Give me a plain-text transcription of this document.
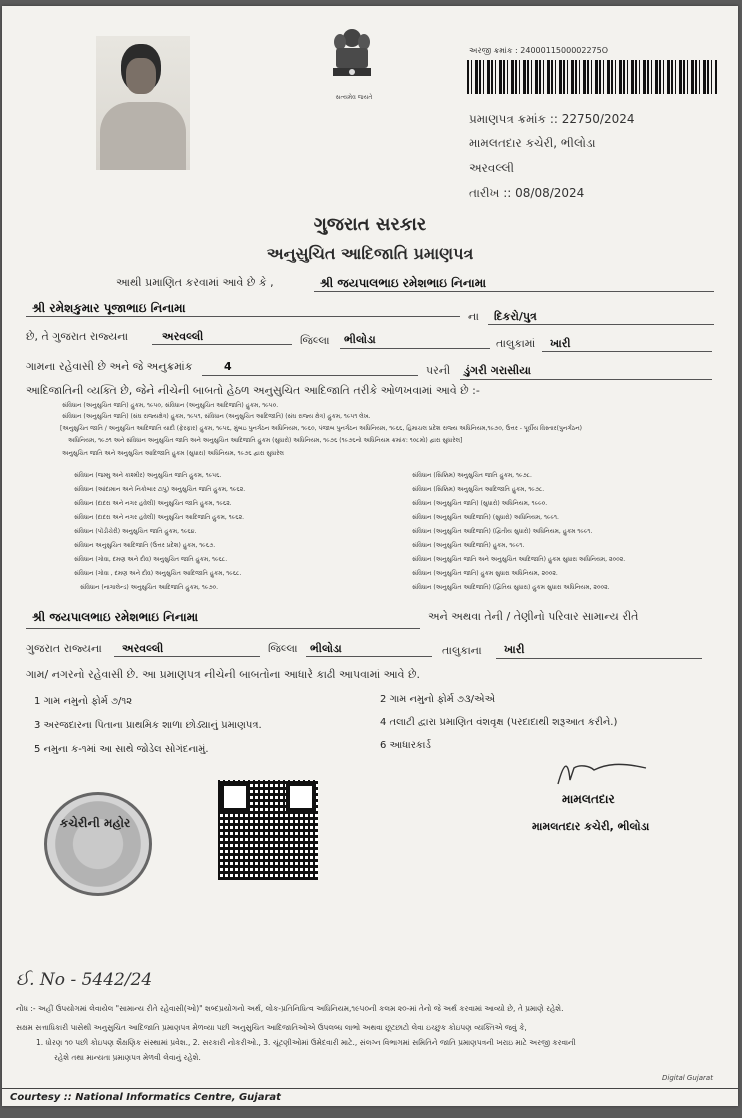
સત્યમેવ જયતે
અરજી ક્રમાંક : 2400011500002275O
પ્રમાણપત્ર ક્રમાંક :: 22750/2024
મામલતદાર કચેરી, ભીલોડા
અરવલ્લી
તારીખ :: 08/08/2024
ગુજરાત સરકાર
અનુસુચિત આદિજાતિ પ્રમાણપત્ર
આથી પ્રમાણિત કરવામાં આવે છે કે ,	શ્રી જયપાલભાઇ રમેશભાઇ નિનામા
શ્રી રમેશકુમાર પૂજાભાઇ નિનામા
ના દિકરો/પુત્ર
છે, તે ગુજરાત રાજ્યના	અરવલ્લી	જિલ્લા ભીલોડા	તાલુકામાં ખારી
ગામના રહેવાસી છે અને જે અનુક્રમાંક	4	પરની ડુંગરી ગરાસીયા
આદિજાતિની વ્યક્તિ છે, જેને નીચેની બાબતો હેઠળ અનુસુચિત આદિજાતિ તરીકે ઓળખવામાં આવે છે :-
સંવિધાન (અનુસુચિત જાતિ) હુકમ, ૧૯૫૦, સંવિધાન (અનુસુચિત આદિજાતિ) હુકમ, ૧૯૫૦.
સંવિધાન (અનુસુચિત જાતિ) (સંઘ રાજ્યક્ષેત્ર) હુકમ, ૧૯૫૧, સંવિધાન (અનુસુચિત આદિજાતિ) (સંઘ રાજ્ય ક્ષેત્ર) હુકમ, ૧૯૫૧ લેખ.
[અનુસુચિત જાતિ / અનુસુચિત આદિજાતિ યાદી (ફેરફાર) હુકમ, ૧૯૫૬, મુંબઇ પુનર્ગઠન અધિનિયમ, ૧૯૬૦, પંજાબ પુનર્ગઠન અધિનિયમ, ૧૯૬૬, હિમાચલ પ્રદેશ રાજ્ય અધિનિયમ,૧૯૭૦, ઉત્તર - પૂર્વીય વિસ્તાર(પુનર્ગઠન)
અધિનિયમ, ૧૯૭૧ અને સંવિધાન અનુસુચિત જાતિ અને અનુસુચિત આદિજાતિ હુકમ (સુધારો) અધિનિયમ, ૧૯૭૬ (૧૯૭૬નો અધિનિયમ ક્રમાંક: ૧૦૮મો) દ્વારા સુધારેલ]
અનુસુચિત જાતિ અને અનુસુચિત આદિજાતિ હુકમ (સુધારા) અધિનિયમ, ૧૯૭૬ દ્વારા સુધારેલ
સંવિધાન (જમ્મુ અને કાશ્મીર) અનુસુચિત જાતિ હુકમ, ૧૯૫૬.
સંવિધાન (આંદામાન અને નિકોબાર ટાપુ) અનુસુચિત જાતિ હુકમ, ૧૯૬૨.
સંવિધાન (દાદરા અને નગર હવેલી) અનુસુચિત જાતિ હુકમ, ૧૯૬૨.
સંવિધાન (દાદરા અને નગર હવેલી) અનુસુચિત આદિજાતિ હુકમ, ૧૯૬૨.
સંવિધાન (પોંડીચેરી) અનુસુચિત જાતિ હુકમ, ૧૯૬૪.
સંવિધાન અનુસુચિત આદિજાતિ (ઉત્તર પ્રદેશ) હુકમ, ૧૯૬૭.
સંવિધાન (ગોવા, દમણ અને દીવ) અનુસુચિત જાતિ હુકમ, ૧૯૬૮.
સંવિધાન (ગોવા , દમણ અને દીવ) અનુસુચિત આદિજાતિ હુકમ, ૧૯૬૮.
સંવિધાન (નાગાલેન્ડ) અનુસુચિત આદિજાતિ હુકમ, ૧૯૭૦.
સંવિધાન (સિક્કિમ) અનુસુચિત જાતિ હુકમ, ૧૯૭૮.
સંવિધાન (સિક્કિમ) અનુસુચિત આદિજાતિ હુકમ, ૧૯૭૮.
સંવિધાન (અનુસુચિત જાતિ) (સુધારો) અધિનિયમ, ૧૯૯૦.
સંવિધાન (અનુસુચિત આદિજાતિ) (સુધારો) અધિનિયમ, ૧૯૯૧.
સંવિધાન (અનુસુચિત આદિજાતિ) (દ્વિતીય સુધારો) અધિનિયમ, હુકમ ૧૯૯૧.
સંવિધાન (અનુસુચિત આદિજાતિ) હુકમ, ૧૯૯૧.
સંવિધાન (અનુસુચિત જાતિ અને અનુસુચિત આદિજાતિ) હુકમ સુધારા અધિનિયમ, ૨૦૦૨.
સંવિધાન (અનુસુચિત જાતિ) હુકમ સુધારા અધિનિયમ, ૨૦૦૨.
સંવિધાન (અનુસુચિત આદિજાતિ) (દ્વિતિય સુધારા) હુકમ સુધારા અધિનિયમ, ૨૦૦૨.
શ્રી જયપાલભાઇ રમેશભાઇ નિનામા	અને અથવા તેની / તેણીનો પરિવાર સામાન્ય રીતે
ગુજરાત રાજ્યના અરવલ્લી	જિલ્લા ભીલોડા	તાલુકાના ખારી
ગામ/ નગરનો રહેવાસી છે. આ પ્રમાણપત્ર નીચેની બાબતોના આધારે કાઢી આપવામાં આવે છે.
1 ગામ નમુનો ફોર્મ ૭/૧૨	2 ગામ નમુનો ફોર્મ ૭૩/એએ
3 અરજદારના પિતાના પ્રાથમિક શાળા છોડ્યાનું પ્રમાણપત્ર.	4 તલાટી દ્વારા પ્રમાણિત વંશવૃક્ષ (પરદાદાથી શરૂઆત કરીને.)
5 નમુના ક-૧માં આ સાથે જોડેલ સોગંદનામું.	6 આધારકાર્ડ
કચેરીની મહોર
મામલતદાર
મામલતદાર કચેરી, ભીલોડા
ઈ. No - 5442/24
નોંધ :- અહીં ઉપયોગમાં લેવાયેલ "સામાન્ય રીતે રહેવાસી(ઓ)" શબ્દપ્રયોગનો અર્થ, લોક-પ્રતિનિધિત્વ અધિનિયમ,૧૯૫૦ની કલમ ૨૦-માં તેનો જે અર્થ કરવામાં આવ્યો છે, તે પ્રમાણે રહેશે.
સક્ષમ સત્તાધિકારી પાસેથી અનુસુચિત આદિજાતિ પ્રમાણપત્ર મેળવ્યા પછી અનુસુચિત આદિજાતિઓએ ઉપલબ્ધ લાભો અથવા છૂટછાટો લેવા ઇચ્છુક કોઇપણ વ્યક્તિએ જવું કે,
1. ધોરણ ૧૦ પછી કોઇપણ શૈક્ષણિક સંસ્થામાં પ્રવેશ., 2. સરકારી નોકરીઓ., 3. ચૂંટણીઓમાં ઉમેદવારી માટે., સંલગ્ન વિભાગમાં સમિતિને જાતિ પ્રમાણપત્રની ખરાઇ માટે અરજી કરવાની
રહેશે તથા માન્યતા પ્રમાણપત્ર મેળવી લેવાનું રહેશે.
Digital Gujarat
Courtesy :: National Informatics Centre, Gujarat
